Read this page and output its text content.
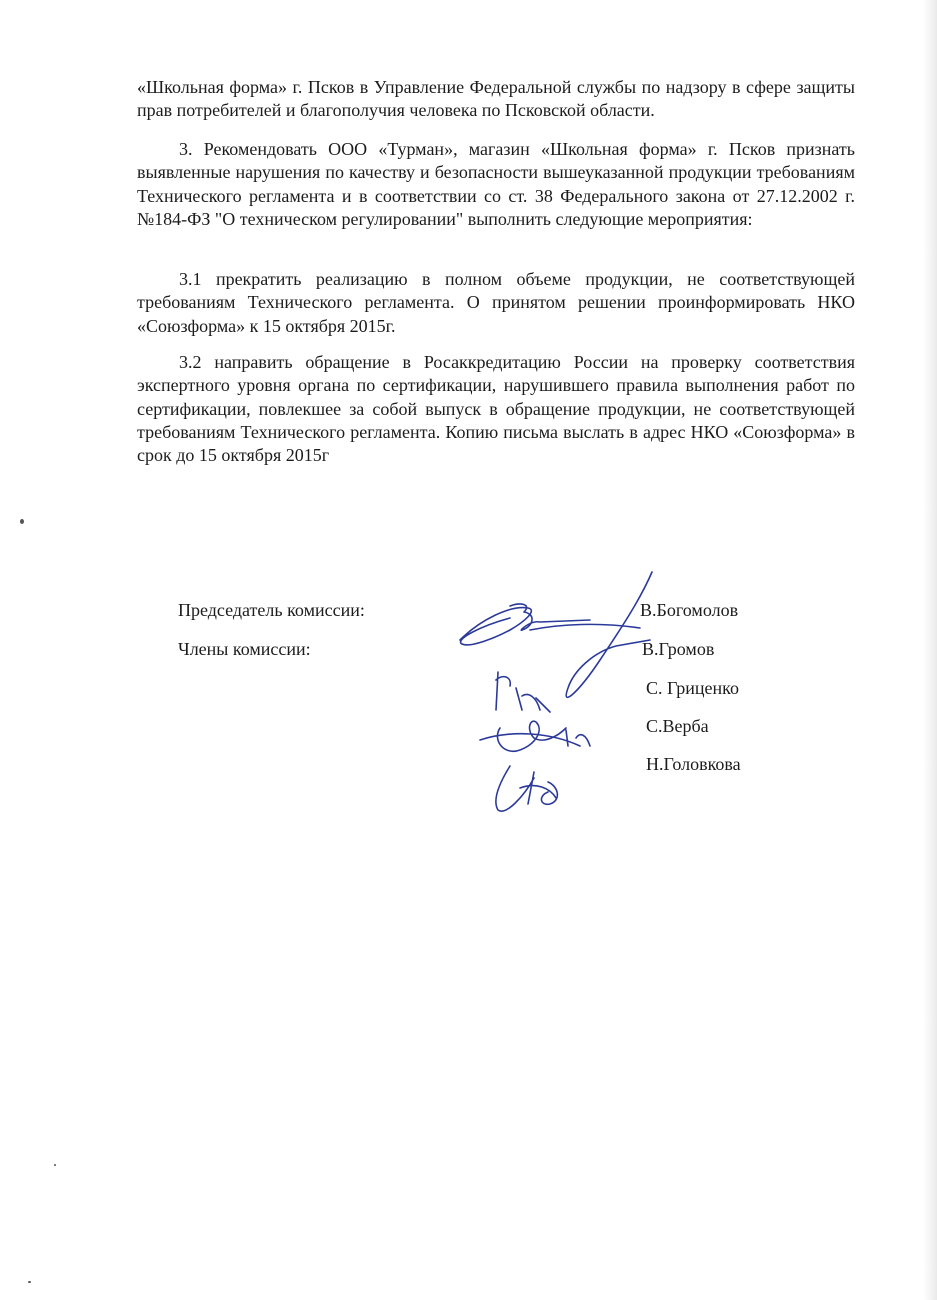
«Школьная форма» г. Псков в Управление Федеральной службы по надзору в сфере защиты прав потребителей и благополучия человека по Псковской области.

3. Рекомендовать ООО «Турман», магазин «Школьная форма» г. Псков признать выявленные нарушения по качеству и безопасности вышеуказанной продукции требованиям Технического регламента и в соответствии со ст. 38 Федерального закона от 27.12.2002 г. №184-ФЗ "О техническом регулировании" выполнить следующие мероприятия:

3.1 прекратить реализацию в полном объеме продукции, не соответствующей требованиям Технического регламента. О принятом решении проинформировать НКО «Союзформа» к 15 октября 2015г.

3.2 направить обращение в Росаккредитацию России на проверку соответствия экспертного уровня органа по сертификации, нарушившего правила выполнения работ по сертификации, повлекшее за собой выпуск в обращение продукции, не соответствующей требованиям Технического регламента. Копию письма выслать в адрес НКО «Союзформа» в срок до 15 октября 2015г

Председатель комиссии:
Члены комиссии:
В.Богомолов
В.Громов
С. Гриценко
С.Верба
Н.Головкова
